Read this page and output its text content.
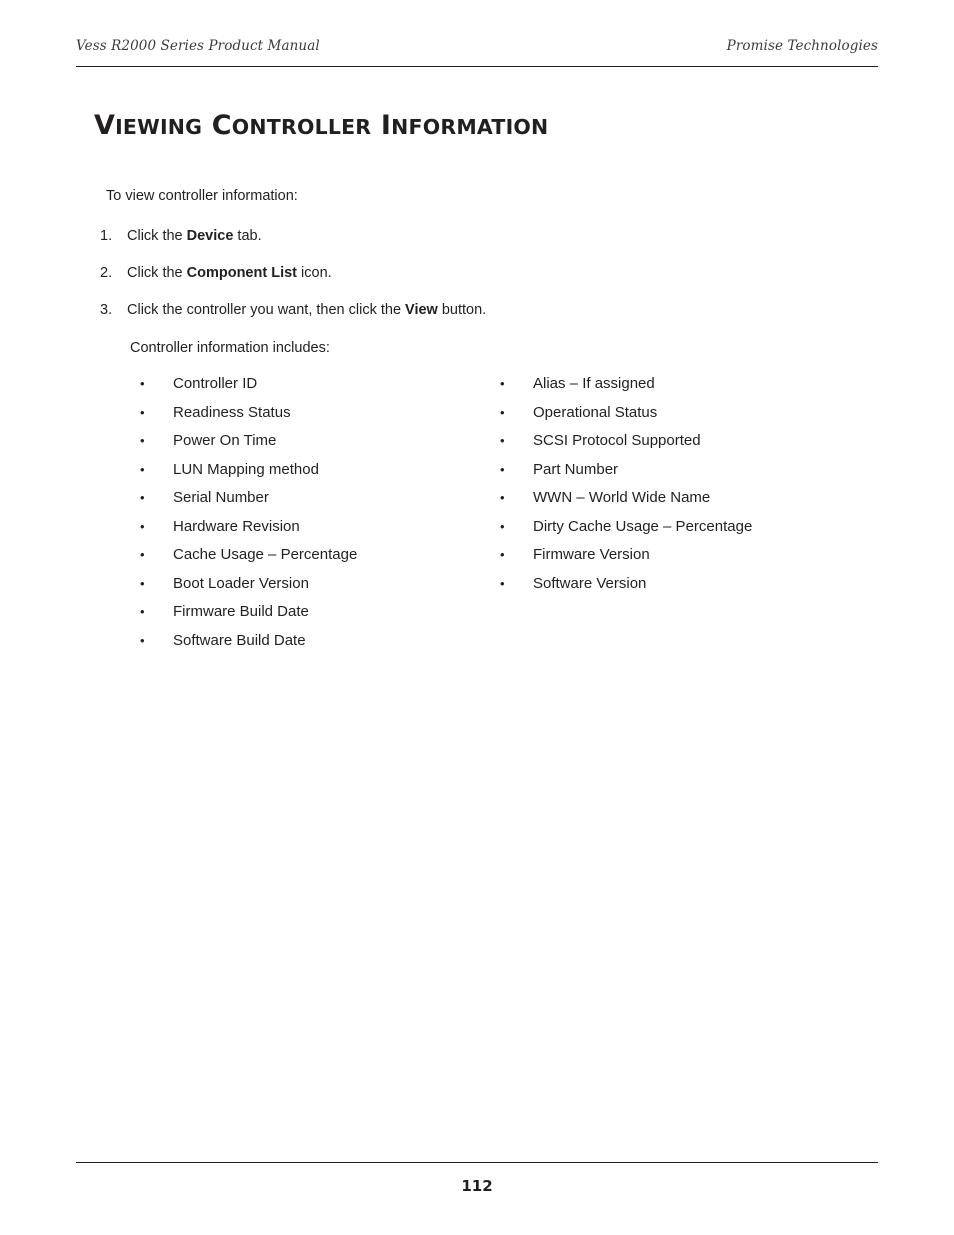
Vess R2000 Series Product Manual	Promise Technologies
VIEWING CONTROLLER INFORMATION
To view controller information:
1.	Click the Device tab.
2.	Click the Component List icon.
3.	Click the controller you want, then click the View button.
Controller information includes:
•	Controller ID
•	Readiness Status
•	Power On Time
•	LUN Mapping method
•	Serial Number
•	Hardware Revision
•	Cache Usage – Percentage
•	Boot Loader Version
•	Firmware Build Date
•	Software Build Date
•	Alias – If assigned
•	Operational Status
•	SCSI Protocol Supported
•	Part Number
•	WWN – World Wide Name
•	Dirty Cache Usage – Percentage
•	Firmware Version
•	Software Version
112
